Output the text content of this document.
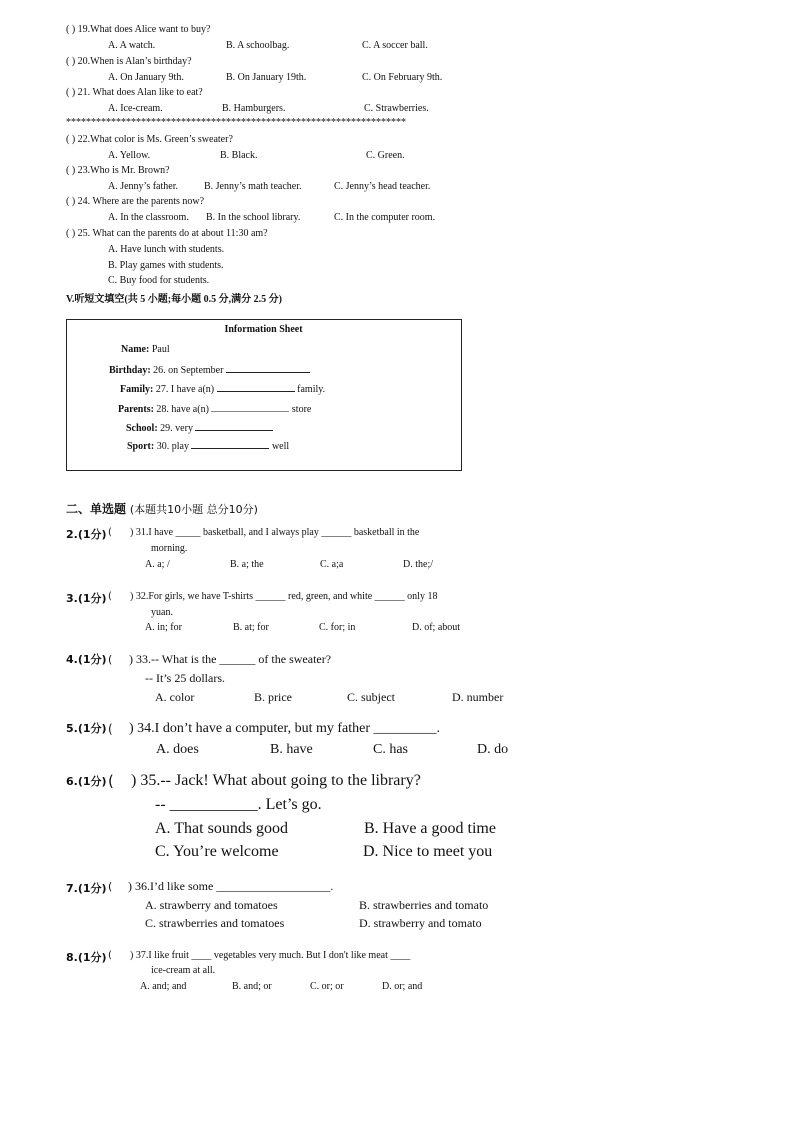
( ) 19.What does Alice want to buy?
A. A watch.	B. A schoolbag.	C. A soccer ball.
( ) 20.When is Alan’s birthday?
A. On January 9th.	B. On January 19th.	C. On February 9th.
( ) 21. What does Alan like to eat?
A. Ice-cream.	B. Hamburgers.	C. Strawberries.
********************************************************************
( ) 22.What color is Ms. Green’s sweater?
A. Yellow.	B. Black.	C. Green.
( ) 23.Who is Mr. Brown?
A. Jenny’s father.	B. Jenny’s math teacher.	C. Jenny’s head teacher.
( ) 24. Where are the parents now?
A. In the classroom. B. In the school library.	C. In the computer room.
( ) 25. What can the parents do at about 11:30 am?
A. Have lunch with students.
B. Play games with students.
C. Buy food for students.
V.听短文填空(共 5 小题;每小题 0.5 分,满分 2.5 分)
Information Sheet
Name: Paul
Birthday: 26. on September
Family: 27. I have a(n)	family.
Parents: 28. have a(n)	store
School: 29. very
Sport: 30. play	well
二、单选题 (本题共10小题 总分10分)
2.(1分) ( ) 31.I have _____ basketball, and I always play ______ basketball in the
morning.
A. a; /	B. a; the	C. a;a	D. the;/
3.(1分) ( ) 32.For girls, we have T-shirts ______ red, green, and white ______ only 18
yuan.
A. in; for	B. at; for	C. for; in	D. of; about
4.(1分) ( ) 33.-- What is the ______ of the sweater?
-- It’s 25 dollars.
A. color	B. price	C. subject	D. number
5.(1分) ( ) 34.I don’t have a computer, but my father _________.
A. does	B. have	C. has	D. do
6.(1分) ( ) 35.-- Jack! What about going to the library?
-- ___________. Let’s go.
A. That sounds good	B. Have a good time
C. You’re welcome	D. Nice to meet you
7.(1分) ( ) 36.I’d like some ___________________.
A. strawberry and tomatoes	B. strawberries and tomato
C. strawberries and tomatoes	D. strawberry and tomato
8.(1分) ( ) 37.I like fruit ____ vegetables very much. But I don't like meat ____
ice-cream at all.
A. and; and	B. and; or	C. or; or	D. or; and
